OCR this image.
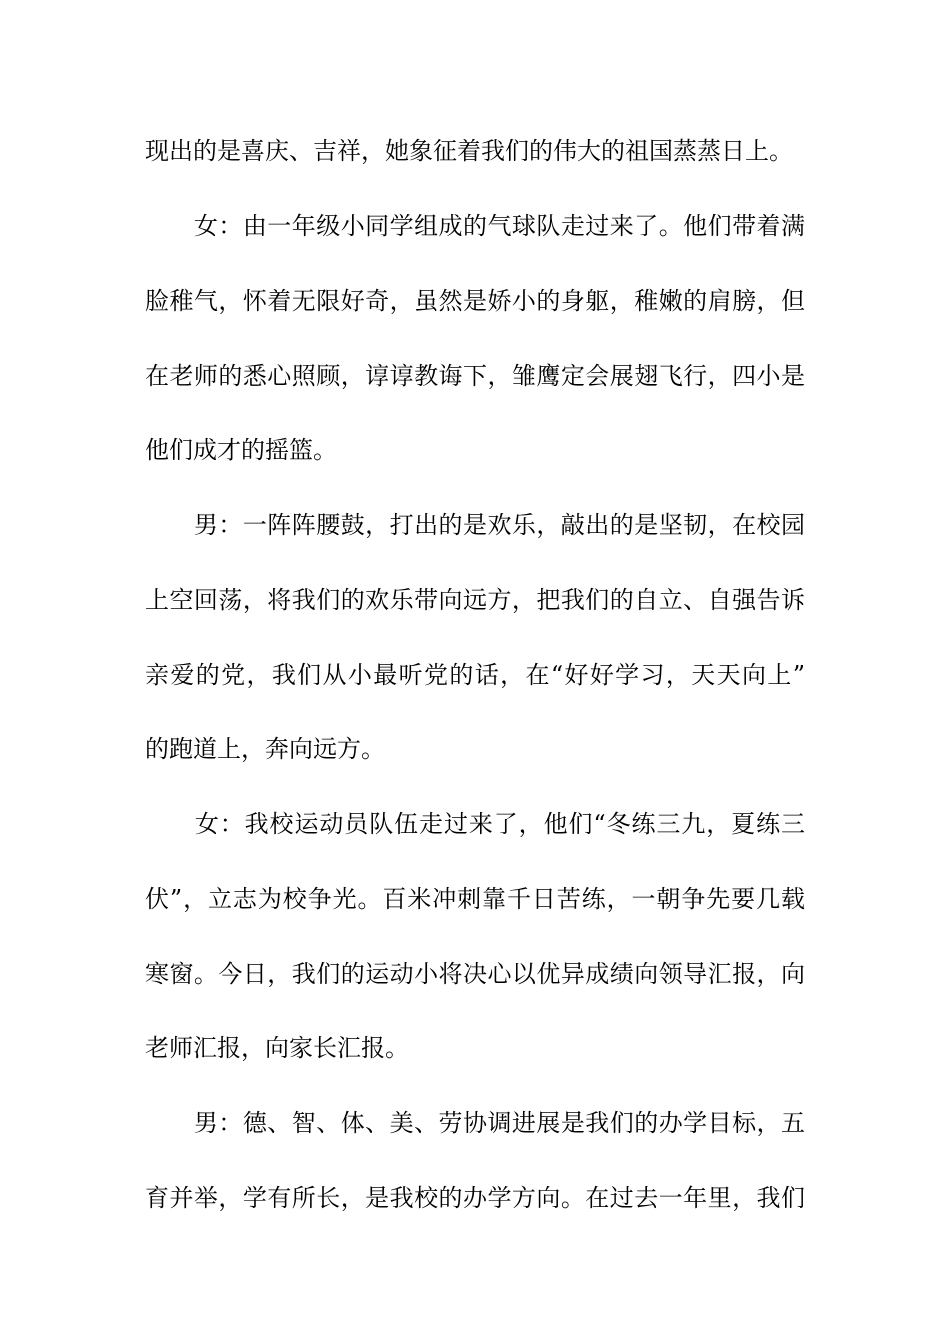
现出的是喜庆、吉祥，她象征着我们的伟大的祖国蒸蒸日上。
　　女：由一年级小同学组成的气球队走过来了。他们带着满
脸稚气，怀着无限好奇，虽然是娇小的身躯，稚嫩的肩膀，但
在老师的悉心照顾，谆谆教诲下，雏鹰定会展翅飞行，四小是
他们成才的摇篮。
　　男：一阵阵腰鼓，打出的是欢乐，敲出的是坚韧，在校园
上空回荡，将我们的欢乐带向远方，把我们的自立、自强告诉
亲爱的党，我们从小最听党的话，在“好好学习，天天向上”
的跑道上，奔向远方。
　　女：我校运动员队伍走过来了，他们“冬练三九，夏练三
伏”，立志为校争光。百米冲刺靠千日苦练，一朝争先要几载
寒窗。今日，我们的运动小将决心以优异成绩向领导汇报，向
老师汇报，向家长汇报。
　　男：德、智、体、美、劳协调进展是我们的办学目标，五
育并举，学有所长，是我校的办学方向。在过去一年里，我们
